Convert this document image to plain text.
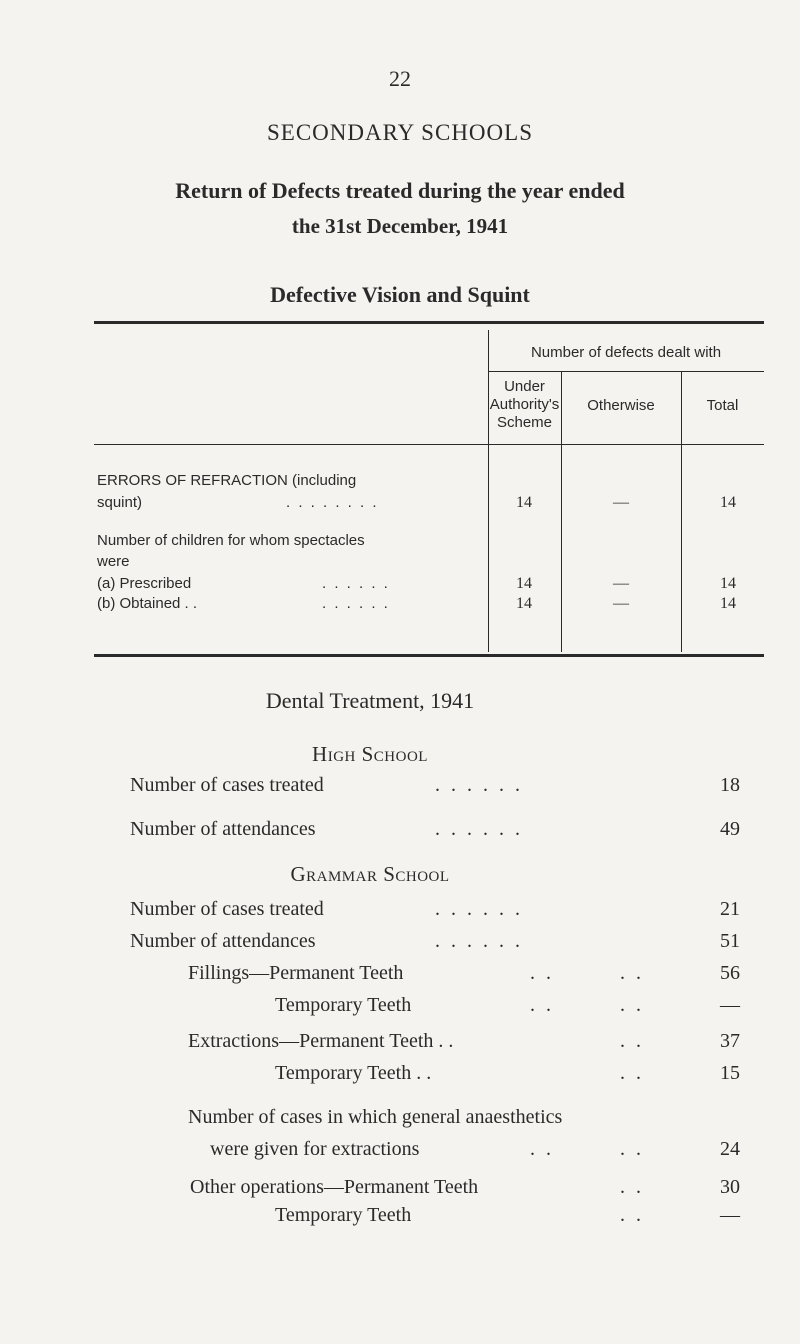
22
SECONDARY SCHOOLS
Return of Defects treated during the year ended
the 31st December, 1941
Defective Vision and Squint
Number of defects dealt with
Under
Authority's
Scheme
Otherwise	Total
ERRORS OF REFRACTION (including
squint)	. . . . . . . .	14	—	14
Number of children for whom spectacles
were
(a) Prescribed	. . . . . .	14	—	14
(b) Obtained . .	. . . . . .	14	—	14
Dental Treatment, 1941
High School
Number of cases treated	. . . . . .	18
Number of attendances	. . . . . .	49
Grammar School
Number of cases treated	. . . . . .	21
Number of attendances	. . . . . .	51
Fillings—Permanent Teeth	. .	. .	56
Temporary Teeth	. .	. .	—
Extractions—Permanent Teeth . .	. .	37
Temporary Teeth . .	. .	15
Number of cases in which general anaesthetics
were given for extractions	. .	. .	24
Other operations—Permanent Teeth	. .	30
Temporary Teeth	. .	—
